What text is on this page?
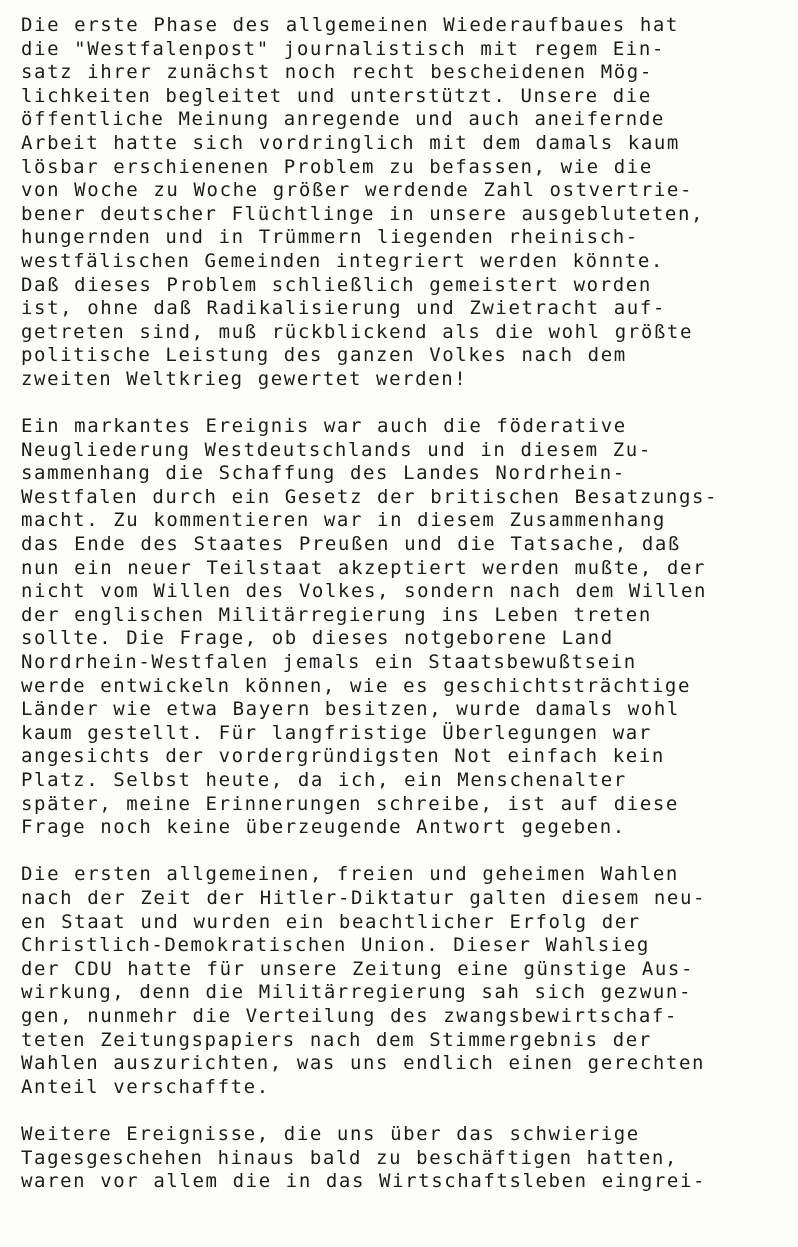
Die erste Phase des allgemeinen Wiederaufbaues hat
die "Westfalenpost" journalistisch mit regem Ein-
satz ihrer zunächst noch recht bescheidenen Mög-
lichkeiten begleitet und unterstützt. Unsere die
öffentliche Meinung anregende und auch aneifernde
Arbeit hatte sich vordringlich mit dem damals kaum
lösbar erschienenen Problem zu befassen, wie die
von Woche zu Woche größer werdende Zahl ostvertrie-
bener deutscher Flüchtlinge in unsere ausgebluteten,
hungernden und in Trümmern liegenden rheinisch-
westfälischen Gemeinden integriert werden könnte.
Daß dieses Problem schließlich gemeistert worden
ist, ohne daß Radikalisierung und Zwietracht auf-
getreten sind, muß rückblickend als die wohl größte
politische Leistung des ganzen Volkes nach dem
zweiten Weltkrieg gewertet werden!
Ein markantes Ereignis war auch die föderative
Neugliederung Westdeutschlands und in diesem Zu-
sammenhang die Schaffung des Landes Nordrhein-
Westfalen durch ein Gesetz der britischen Besatzungs-
macht. Zu kommentieren war in diesem Zusammenhang
das Ende des Staates Preußen und die Tatsache, daß
nun ein neuer Teilstaat akzeptiert werden mußte, der
nicht vom Willen des Volkes, sondern nach dem Willen
der englischen Militärregierung ins Leben treten
sollte. Die Frage, ob dieses notgeborene Land
Nordrhein-Westfalen jemals ein Staatsbewußtsein
werde entwickeln können, wie es geschichtsträchtige
Länder wie etwa Bayern besitzen, wurde damals wohl
kaum gestellt. Für langfristige Überlegungen war
angesichts der vordergründigsten Not einfach kein
Platz. Selbst heute, da ich, ein Menschenalter
später, meine Erinnerungen schreibe, ist auf diese
Frage noch keine überzeugende Antwort gegeben.
Die ersten allgemeinen, freien und geheimen Wahlen
nach der Zeit der Hitler-Diktatur galten diesem neu-
en Staat und wurden ein beachtlicher Erfolg der
Christlich-Demokratischen Union. Dieser Wahlsieg
der CDU hatte für unsere Zeitung eine günstige Aus-
wirkung, denn die Militärregierung sah sich gezwun-
gen, nunmehr die Verteilung des zwangsbewirtschaf-
teten Zeitungspapiers nach dem Stimmergebnis der
Wahlen auszurichten, was uns endlich einen gerechten
Anteil verschaffte.
Weitere Ereignisse, die uns über das schwierige
Tagesgeschehen hinaus bald zu beschäftigen hatten,
waren vor allem die in das Wirtschaftsleben eingrei-
